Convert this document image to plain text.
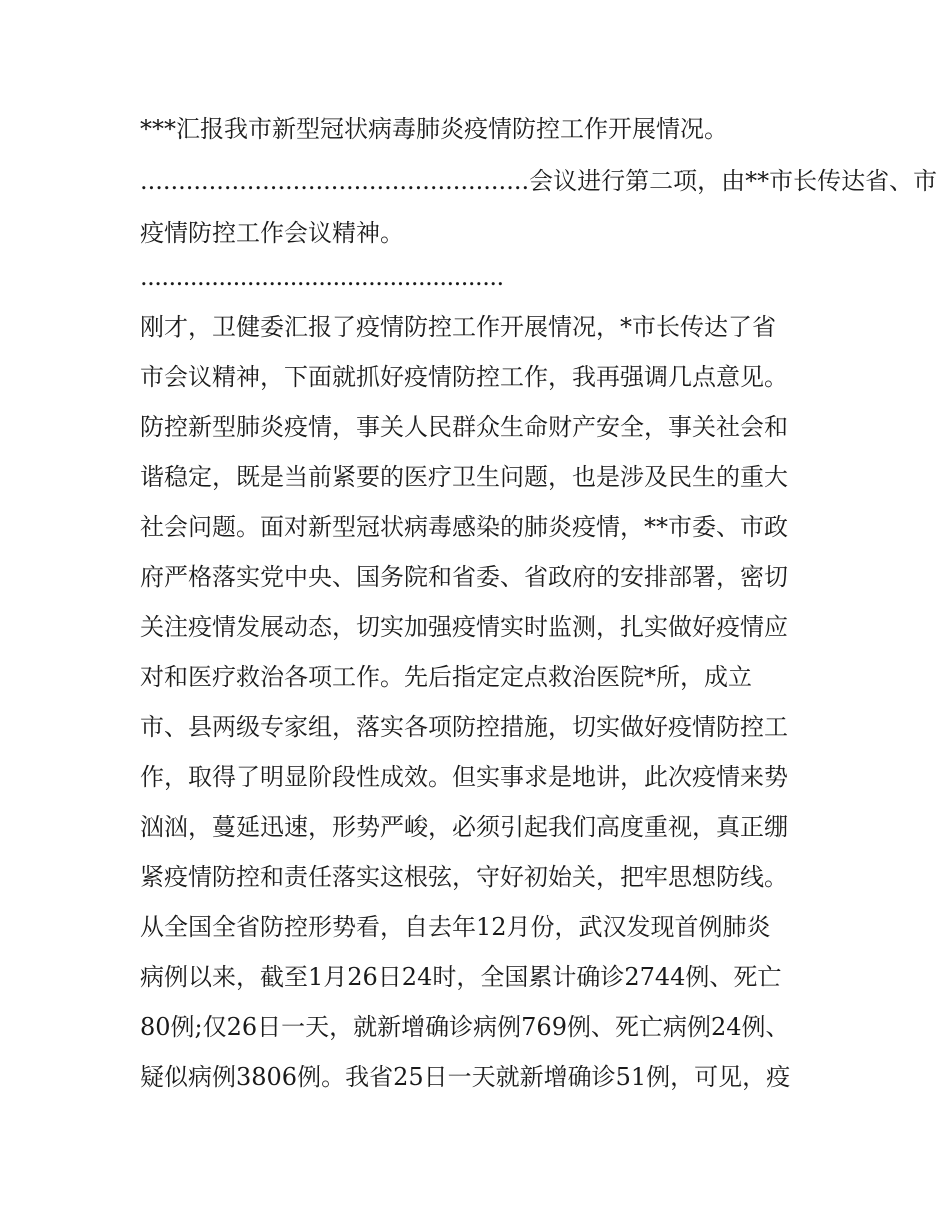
***汇报我市新型冠状病毒肺炎疫情防控工作开展情况。

...................................................会议进行第二项，由**市长传达省、市

疫情防控工作会议精神。

...................................................

刚才，卫健委汇报了疫情防控工作开展情况，*市长传达了省

市会议精神，下面就抓好疫情防控工作，我再强调几点意见。

防控新型肺炎疫情，事关人民群众生命财产安全，事关社会和

谐稳定，既是当前紧要的医疗卫生问题，也是涉及民生的重大

社会问题。面对新型冠状病毒感染的肺炎疫情，**市委、市政

府严格落实党中央、国务院和省委、省政府的安排部署，密切

关注疫情发展动态，切实加强疫情实时监测，扎实做好疫情应

对和医疗救治各项工作。先后指定定点救治医院*所，成立

市、县两级专家组，落实各项防控措施，切实做好疫情防控工

作，取得了明显阶段性成效。但实事求是地讲，此次疫情来势

汹汹，蔓延迅速，形势严峻，必须引起我们高度重视，真正绷

紧疫情防控和责任落实这根弦，守好初始关，把牢思想防线。

从全国全省防控形势看，自去年12月份，武汉发现首例肺炎

病例以来，截至1月26日24时，全国累计确诊2744例、死亡

80例;仅26日一天，就新增确诊病例769例、死亡病例24例、

疑似病例3806例。我省25日一天就新增确诊51例，可见，疫
